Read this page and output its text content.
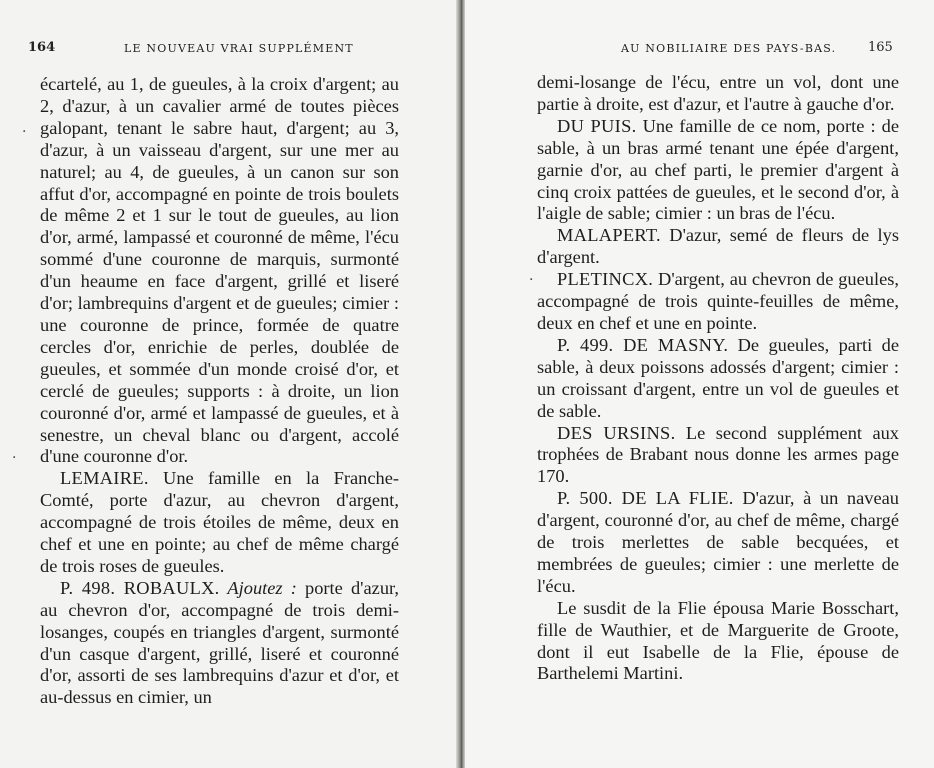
164	LE NOUVEAU VRAI SUPPLÉMENT
·
·

écartelé, au 1, de gueules, à la croix d'argent; au 2, d'azur, à un cavalier armé de toutes pièces galopant, tenant le sabre haut, d'argent; au 3, d'azur, à un vaisseau d'argent, sur une mer au naturel; au 4, de gueules, à un canon sur son affut d'or, accompagné en pointe de trois boulets de même 2 et 1 sur le tout de gueules, au lion d'or, armé, lampassé et couronné de même, l'écu sommé d'une couronne de marquis, surmonté d'un heaume en face d'argent, grillé et liseré d'or; lambrequins d'argent et de gueules; cimier : une couronne de prince, formée de quatre cercles d'or, enrichie de perles, doublée de gueules, et sommée d'un monde croisé d'or, et cerclé de gueules; supports : à droite, un lion couronné d'or, armé et lampassé de gueules, et à senestre, un cheval blanc ou d'argent, accolé d'une couronne d'or.

LEMAIRE. Une famille en la Franche-Comté, porte d'azur, au chevron d'argent, accompagné de trois étoiles de même, deux en chef et une en pointe; au chef de même chargé de trois roses de gueules.

P. 498. ROBAULX. Ajoutez : porte d'azur, au chevron d'or, accompagné de trois demi-losanges, coupés en triangles d'argent, surmonté d'un casque d'argent, grillé, liseré et couronné d'or, assorti de ses lambrequins d'azur et d'or, et au-dessus en cimier, un

AU NOBILIAIRE DES PAYS-BAS. 165
·

demi-losange de l'écu, entre un vol, dont une partie à droite, est d'azur, et l'autre à gauche d'or.

DU PUIS. Une famille de ce nom, porte : de sable, à un bras armé tenant une épée d'argent, garnie d'or, au chef parti, le premier d'argent à cinq croix pattées de gueules, et le second d'or, à l'aigle de sable; cimier : un bras de l'écu.

MALAPERT. D'azur, semé de fleurs de lys d'argent.

PLETINCX. D'argent, au chevron de gueules, accompagné de trois quinte-feuilles de même, deux en chef et une en pointe.

P. 499. DE MASNY. De gueules, parti de sable, à deux poissons adossés d'argent; cimier : un croissant d'argent, entre un vol de gueules et de sable.

DES URSINS. Le second supplément aux trophées de Brabant nous donne les armes page 170.

P. 500. DE LA FLIE. D'azur, à un naveau d'argent, couronné d'or, au chef de même, chargé de trois merlettes de sable becquées, et membrées de gueules; cimier : une merlette de l'écu.

Le susdit de la Flie épousa Marie Bosschart, fille de Wauthier, et de Marguerite de Groote, dont il eut Isabelle de la Flie, épouse de Barthelemi Martini.
